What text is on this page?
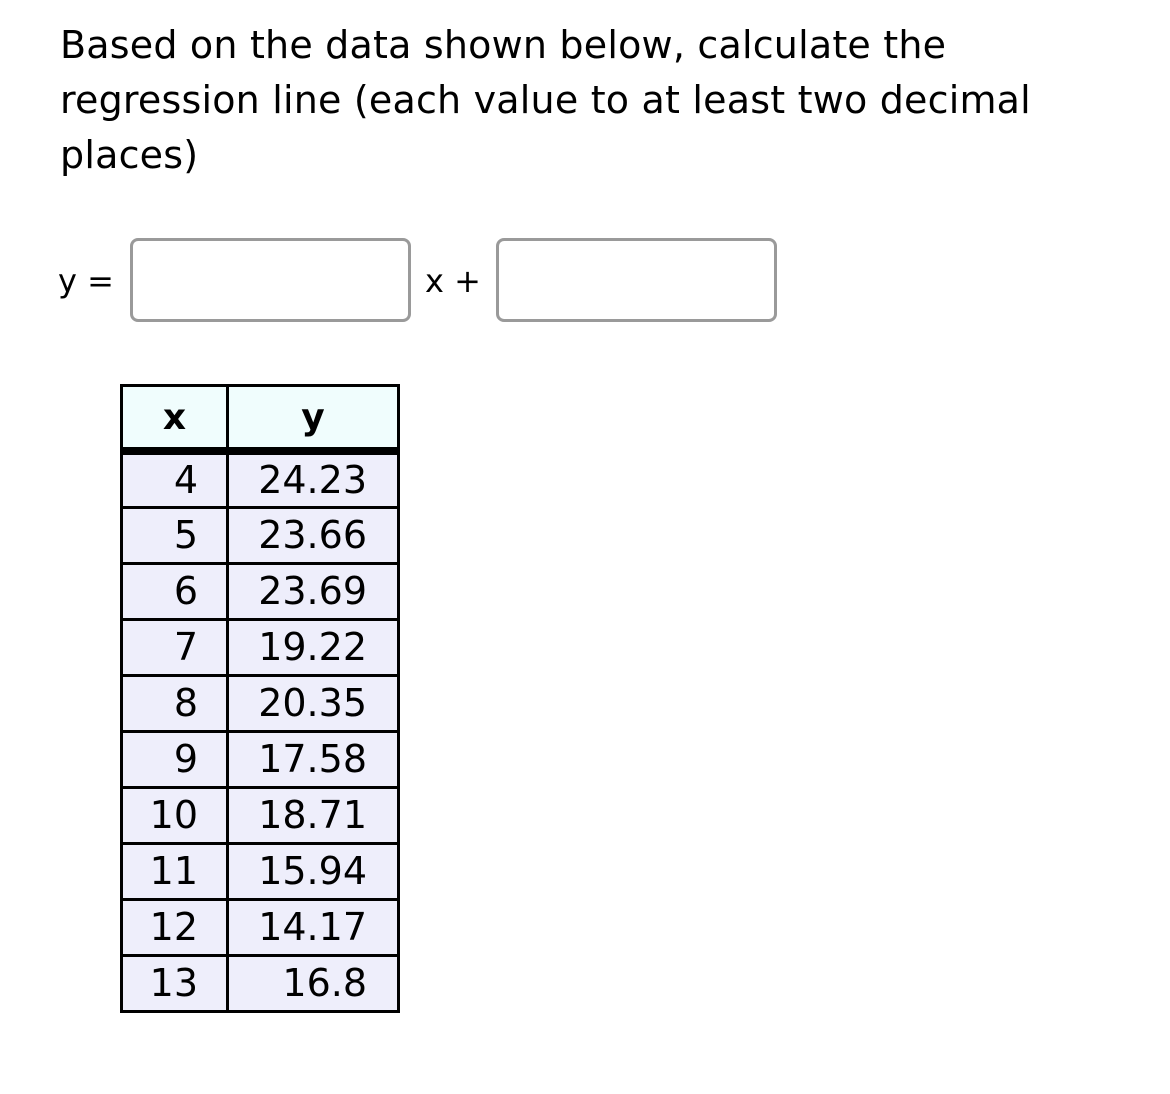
Based on the data shown below, calculate the regression line (each value to at least two decimal places)

y =	x +
x	y
4	24.23
5	23.66
6	23.69
7	19.22
8	20.35
9	17.58
10	18.71
11	15.94
12	14.17
13	16.8
